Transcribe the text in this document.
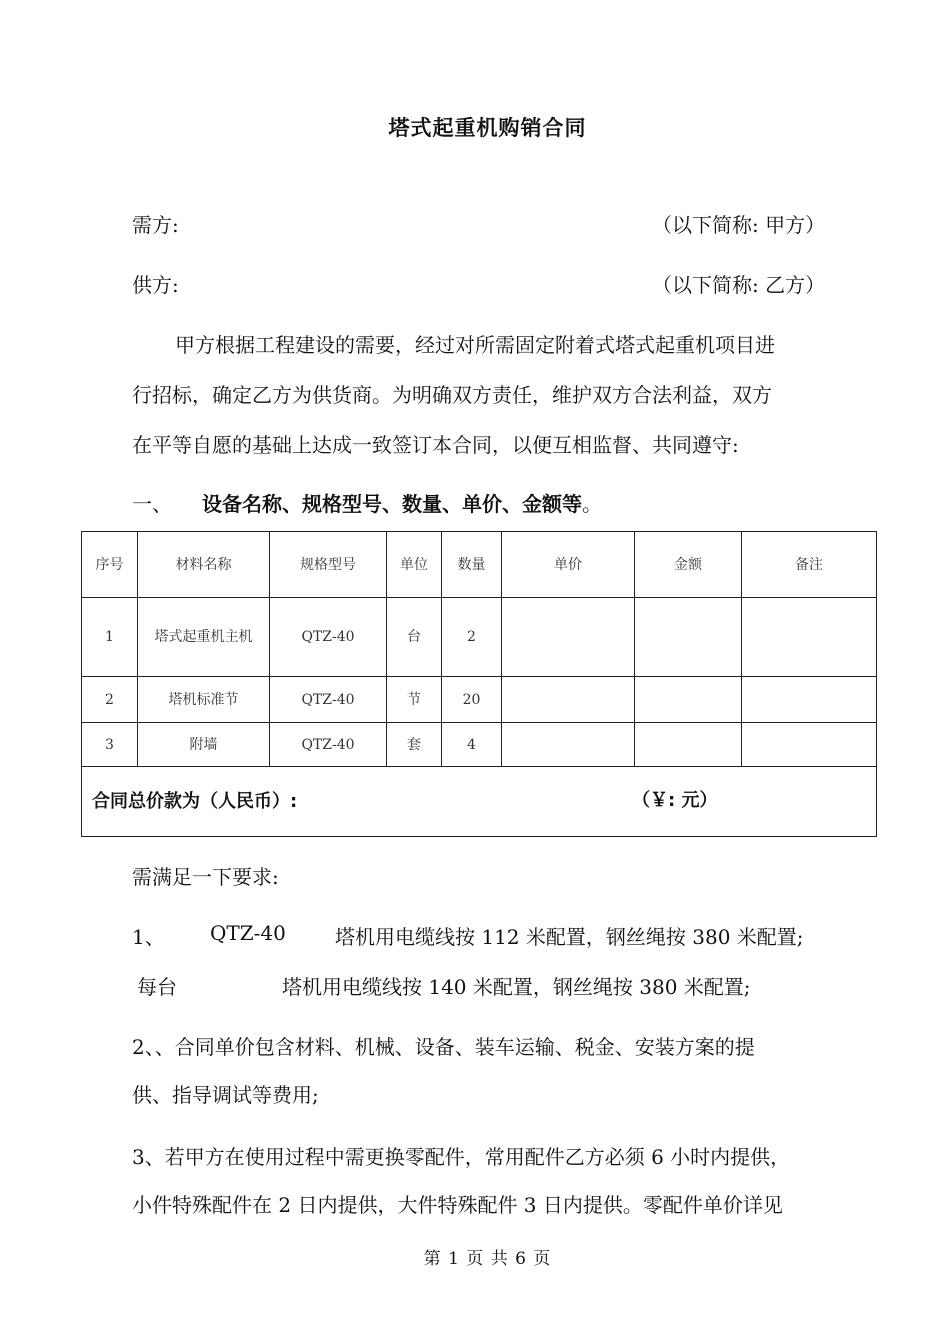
塔式起重机购销合同
需方:	（以下简称: 甲方）
供方:	（以下简称: 乙方）
甲方根据工程建设的需要，经过对所需固定附着式塔式起重机项目进
行招标，确定乙方为供货商。为明确双方责任，维护双方合法利益，双方
在平等自愿的基础上达成一致签订本合同，以便互相监督、共同遵守:
一、 设备名称、规格型号、数量、单价、金额等。
序号	材料名称	规格型号	单位	数量	单价	金额	备注
1	塔式起重机主机	QTZ-40	台	2			
2	塔机标准节	QTZ-40	节	20			
3	附墙	QTZ-40	套	4			
合同总价款为（人民币）: （￥: 元）							
需满足一下要求:
1、 QTZ-40 塔机用电缆线按 112 米配置，钢丝绳按 380 米配置;
每台	塔机用电缆线按 140 米配置，钢丝绳按 380 米配置;
2、、合同单价包含材料、机械、设备、装车运输、税金、安装方案的提
供、指导调试等费用;
3、若甲方在使用过程中需更换零配件，常用配件乙方必须 6 小时内提供，
小件特殊配件在 2 日内提供，大件特殊配件 3 日内提供。零配件单价详见
第 1 页 共 6 页
